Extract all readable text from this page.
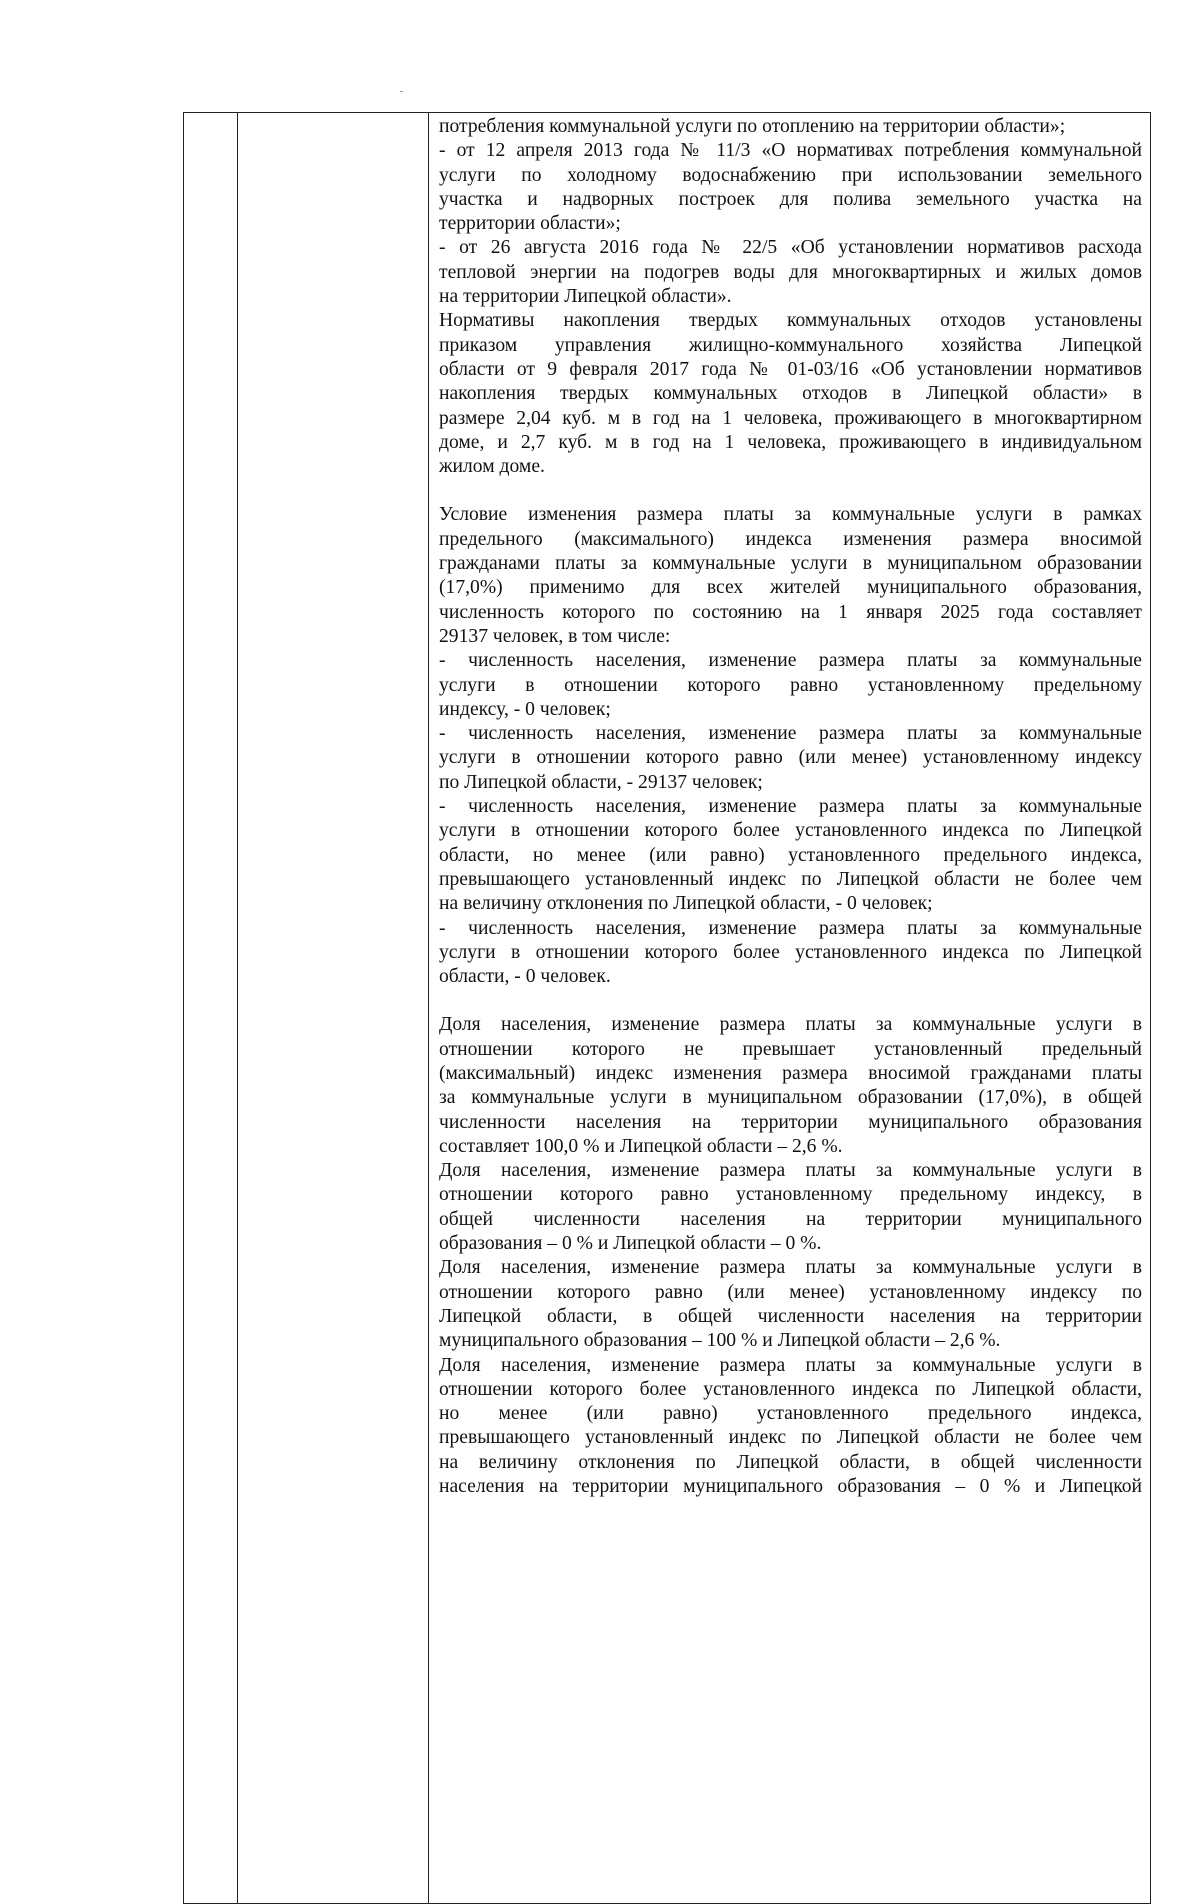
потребления коммунальной услуги по отоплению на территории области»;
- от 12 апреля 2013 года № 11/3 «О нормативах потребления коммунальной
услуги по холодному водоснабжению при использовании земельного
участка и надворных построек для полива земельного участка на
территории области»;
- от 26 августа 2016 года № 22/5 «Об установлении нормативов расхода
тепловой энергии на подогрев воды для многоквартирных и жилых домов
на территории Липецкой области».
Нормативы накопления твердых коммунальных отходов установлены
приказом управления жилищно-коммунального хозяйства Липецкой
области от 9 февраля 2017 года № 01-03/16 «Об установлении нормативов
накопления твердых коммунальных отходов в Липецкой области» в
размере 2,04 куб. м в год на 1 человека, проживающего в многоквартирном
доме, и 2,7 куб. м в год на 1 человека, проживающего в индивидуальном
жилом доме.
Условие изменения размера платы за коммунальные услуги в рамках
предельного (максимального) индекса изменения размера вносимой
гражданами платы за коммунальные услуги в муниципальном образовании
(17,0%) применимо для всех жителей муниципального образования,
численность которого по состоянию на 1 января 2025 года составляет
29137 человек, в том числе:
- численность населения, изменение размера платы за коммунальные
услуги в отношении которого равно установленному предельному
индексу, - 0 человек;
- численность населения, изменение размера платы за коммунальные
услуги в отношении которого равно (или менее) установленному индексу
по Липецкой области, - 29137 человек;
- численность населения, изменение размера платы за коммунальные
услуги в отношении которого более установленного индекса по Липецкой
области, но менее (или равно) установленного предельного индекса,
превышающего установленный индекс по Липецкой области не более чем
на величину отклонения по Липецкой области, - 0 человек;
- численность населения, изменение размера платы за коммунальные
услуги в отношении которого более установленного индекса по Липецкой
области, - 0 человек.
Доля населения, изменение размера платы за коммунальные услуги в
отношении которого не превышает установленный предельный
(максимальный) индекс изменения размера вносимой гражданами платы
за коммунальные услуги в муниципальном образовании (17,0%), в общей
численности населения на территории муниципального образования
составляет 100,0 % и Липецкой области – 2,6 %.
Доля населения, изменение размера платы за коммунальные услуги в
отношении которого равно установленному предельному индексу, в
общей численности населения на территории муниципального
образования – 0 % и Липецкой области – 0 %.
Доля населения, изменение размера платы за коммунальные услуги в
отношении которого равно (или менее) установленному индексу по
Липецкой области, в общей численности населения на территории
муниципального образования – 100 % и Липецкой области – 2,6 %.
Доля населения, изменение размера платы за коммунальные услуги в
отношении которого более установленного индекса по Липецкой области,
но менее (или равно) установленного предельного индекса,
превышающего установленный индекс по Липецкой области не более чем
на величину отклонения по Липецкой области, в общей численности
населения на территории муниципального образования – 0 % и Липецкой
